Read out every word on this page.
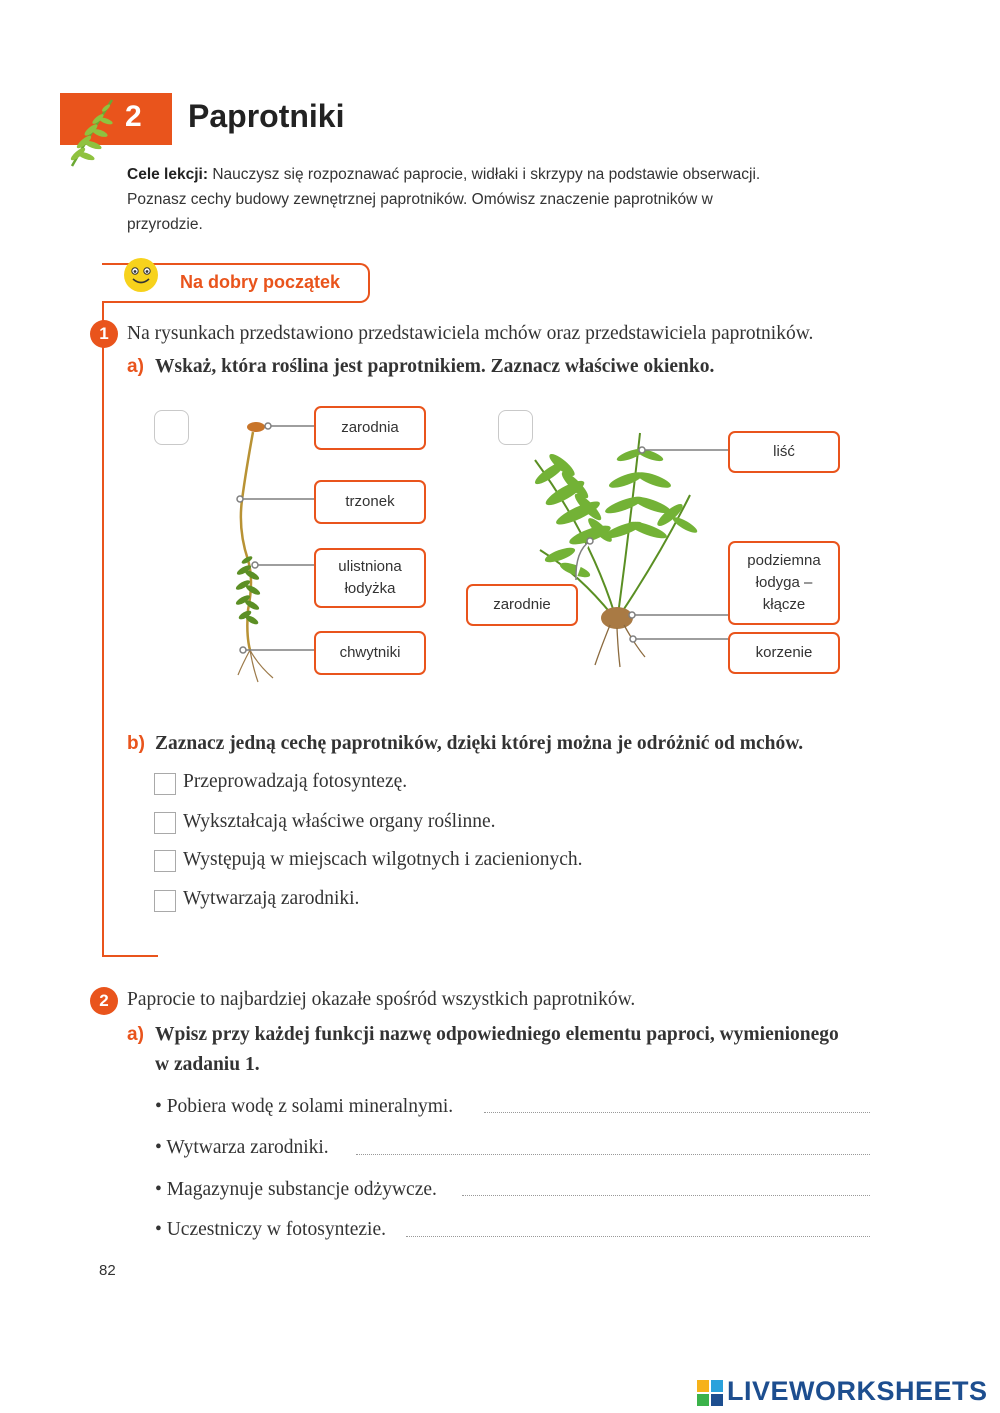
2 Paprotniki
Cele lekcji: Nauczysz się rozpoznawać paprocie, widłaki i skrzypy na podstawie obserwacji. Poznasz cechy budowy zewnętrznej paprotników. Omówisz znaczenie paprotników w przyrodzie.
Na dobry początek
1 Na rysunkach przedstawiono przedstawiciela mchów oraz przedstawiciela paprotników.
a) Wskaż, która roślina jest paprotnikiem. Zaznacz właściwe okienko.
zarodnia
trzonek
ulistniona łodyżka
chwytniki
liść
zarodnie
podziemna łodyga – kłącze
korzenie
b) Zaznacz jedną cechę paprotników, dzięki której można je odróżnić od mchów.
Przeprowadzają fotosyntezę.
Wykształcają właściwe organy roślinne.
Występują w miejscach wilgotnych i zacienionych.
Wytwarzają zarodniki.
2 Paprocie to najbardziej okazałe spośród wszystkich paprotników.
a) Wpisz przy każdej funkcji nazwę odpowiedniego elementu paproci, wymienionego
w zadaniu 1.
• Pobiera wodę z solami mineralnymi.
• Wytwarza zarodniki.
• Magazynuje substancje odżywcze.
• Uczestniczy w fotosyntezie.
82
LIVEWORKSHEETS
